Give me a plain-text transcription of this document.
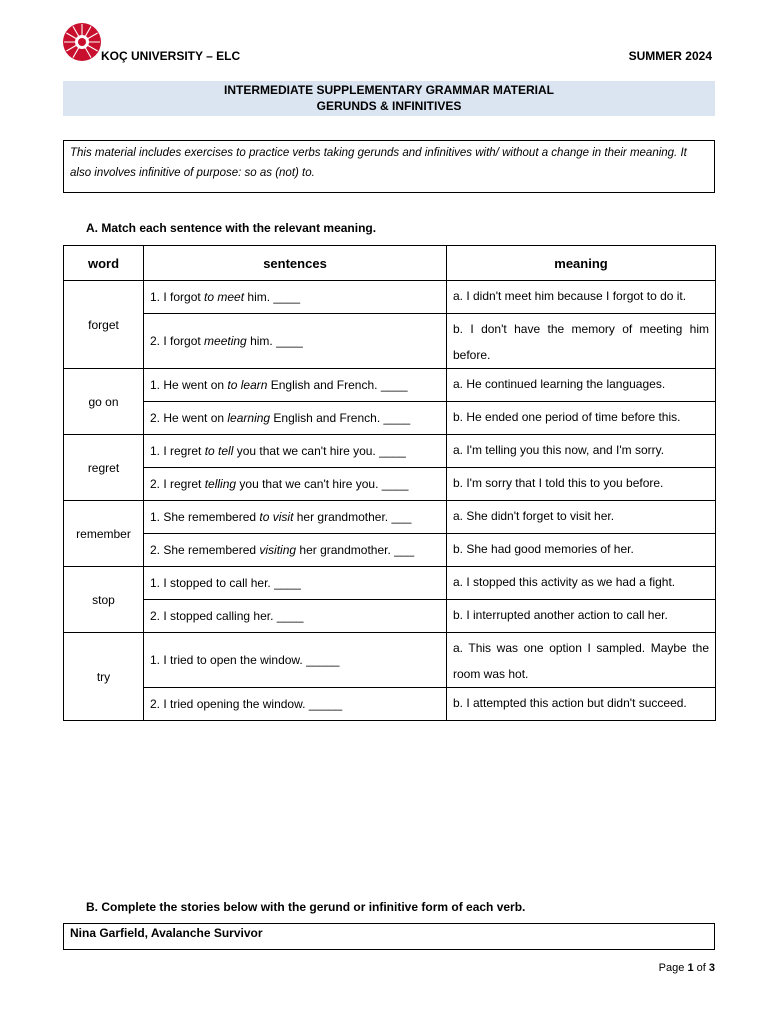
KOÇ UNIVERSITY – ELC	SUMMER 2024
INTERMEDIATE SUPPLEMENTARY GRAMMAR MATERIAL
GERUNDS & INFINITIVES
This material includes exercises to practice verbs taking gerunds and infinitives with/ without a change in their meaning. It also involves infinitive of purpose: so as (not) to.
A. Match each sentence with the relevant meaning.
word	sentences	meaning
forget	1. I forgot to meet him. ____	a. I didn't meet him because I forgot to do it.

	2. I forgot meeting him. ____	b. I don't have the memory of meeting him before.

go on	1. He went on to learn English and French. ____	a. He continued learning the languages.

	2. He went on learning English and French. ____	b. He ended one period of time before this.

regret	1. I regret to tell you that we can't hire you. ____	a. I'm telling you this now, and I'm sorry.

	2. I regret telling you that we can't hire you. ____	b. I'm sorry that I told this to you before.

remember	1. She remembered to visit her grandmother. ___	a. She didn't forget to visit her.

	2. She remembered visiting her grandmother. ___	b. She had good memories of her.

stop	1. I stopped to call her. ____	a. I stopped this activity as we had a fight.

	2. I stopped calling her. ____	b. I interrupted another action to call her.

try	1. I tried to open the window. _____	a. This was one option I sampled. Maybe the room was hot.

	2. I tried opening the window. _____	b. I attempted this action but didn't succeed.
B. Complete the stories below with the gerund or infinitive form of each verb.
Nina Garfield, Avalanche Survivor
Page 1 of 3
